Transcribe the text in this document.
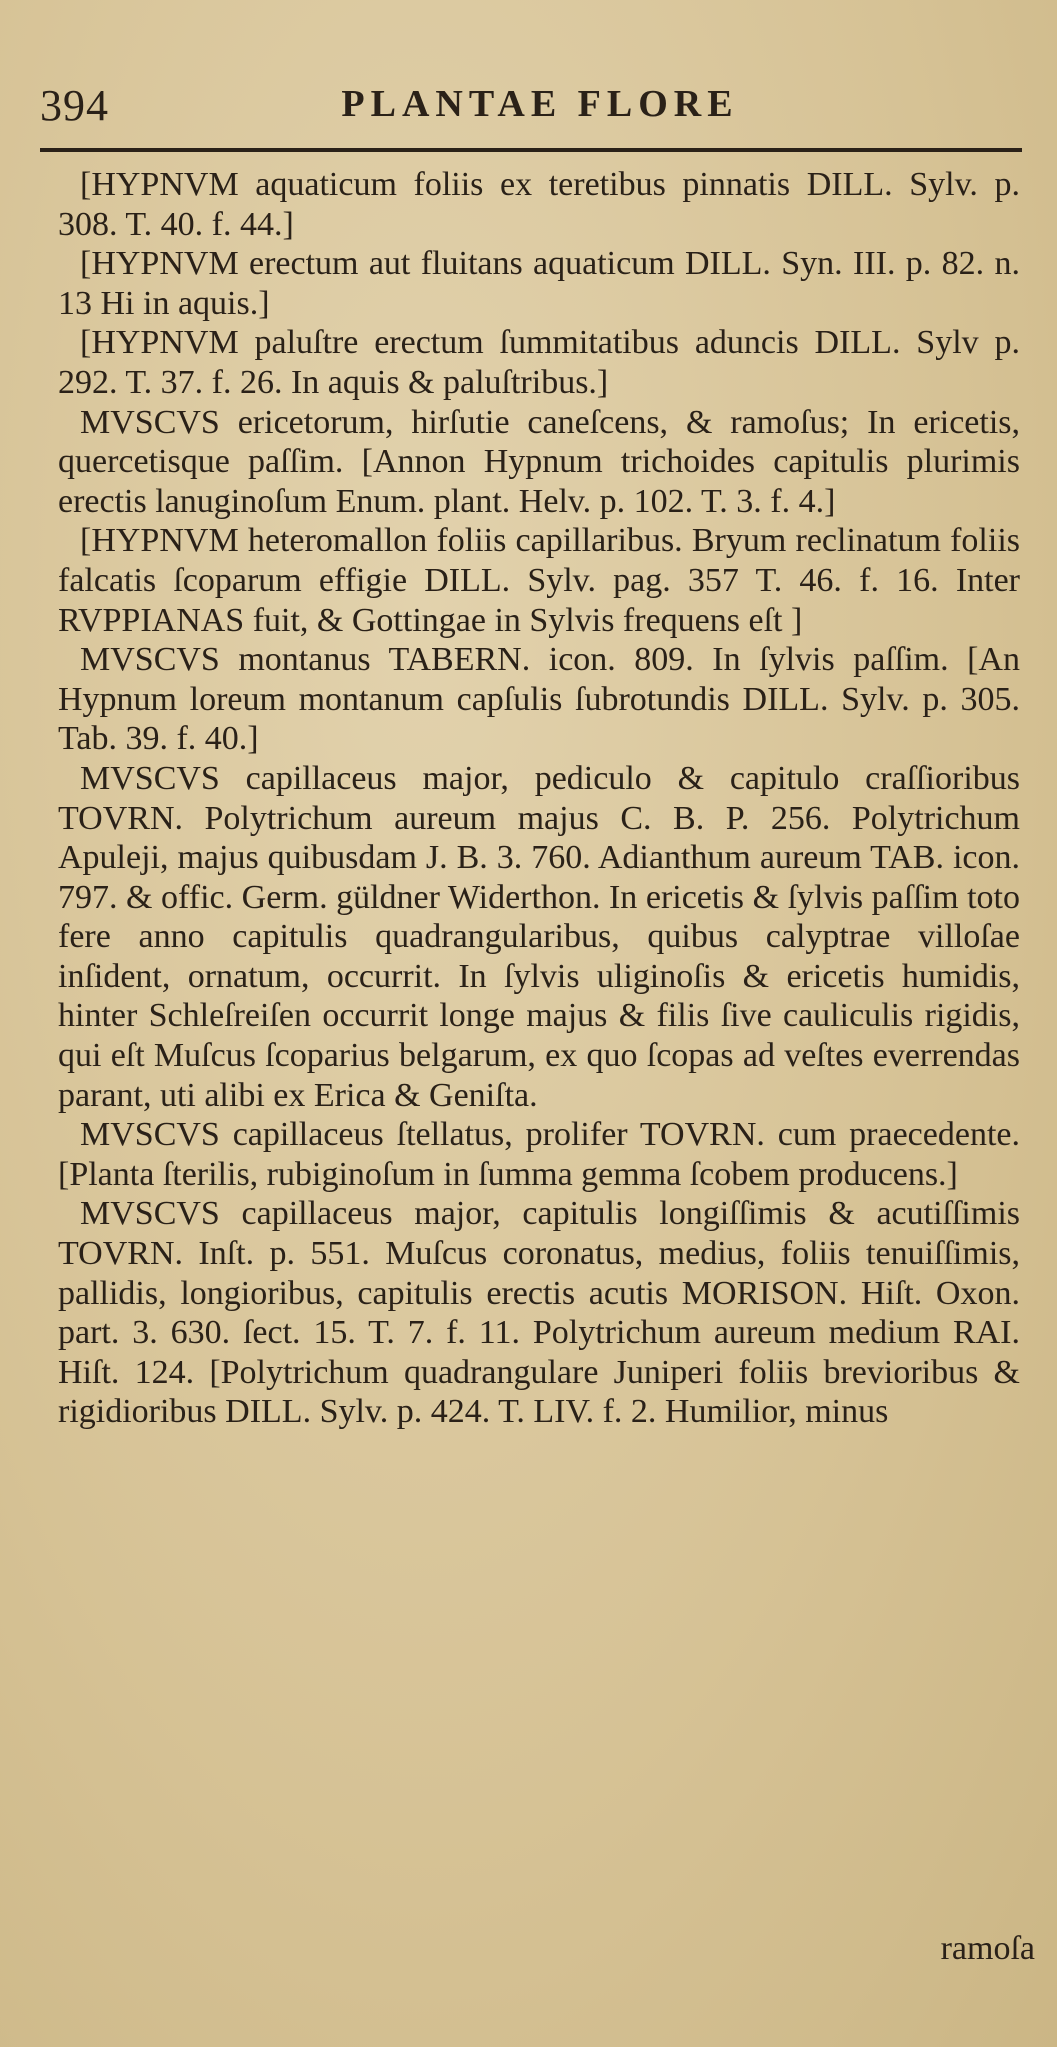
394	PLANTAE FLORE

[HYPNVM aquaticum foliis ex teretibus pinnatis DILL. Sylv. p. 308. T. 40. f. 44.]

[HYPNVM erectum aut fluitans aquaticum DILL. Syn. III. p. 82. n. 13 Hi in aquis.]

[HYPNVM paluſtre erectum ſummitatibus aduncis DILL. Sylv p. 292. T. 37. f. 26. In aquis & paluſtribus.]

MVSCVS ericetorum, hirſutie caneſcens, & ramoſus; In ericetis, quercetisque paſſim. [Annon Hypnum trichoides capitulis plurimis erectis lanuginoſum Enum. plant. Helv. p. 102. T. 3. f. 4.]

[HYPNVM heteromallon foliis capillaribus. Bryum reclinatum foliis falcatis ſcoparum effigie DILL. Sylv. pag. 357 T. 46. f. 16. Inter RVPPIANAS fuit, & Gottingae in Sylvis frequens eſt ]

MVSCVS montanus TABERN. icon. 809. In ſylvis paſſim. [An Hypnum loreum montanum capſulis ſubrotundis DILL. Sylv. p. 305. Tab. 39. f. 40.]

MVSCVS capillaceus major, pediculo & capitulo craſſioribus TOVRN. Polytrichum aureum majus C. B. P. 256. Polytrichum Apuleji, majus quibusdam J. B. 3. 760. Adianthum aureum TAB. icon. 797. & offic. Germ. güldner Widerthon. In ericetis & ſylvis paſſim toto fere anno capitulis quadrangularibus, quibus calyptrae villoſae inſident, ornatum, occurrit. In ſylvis uliginoſis & ericetis humidis, hinter Schleſreiſen occurrit longe majus & filis ſive cauliculis rigidis, qui eſt Muſcus ſcoparius belgarum, ex quo ſcopas ad veſtes everrendas parant, uti alibi ex Erica & Geniſta.

MVSCVS capillaceus ſtellatus, prolifer TOVRN. cum praecedente. [Planta ſterilis, rubiginoſum in ſumma gemma ſcobem producens.]

MVSCVS capillaceus major, capitulis longiſſimis & acutiſſimis TOVRN. Inſt. p. 551. Muſcus coronatus, medius, foliis tenuiſſimis, pallidis, longioribus, capitulis erectis acutis MORISON. Hiſt. Oxon. part. 3. 630. ſect. 15. T. 7. f. 11. Polytrichum aureum medium RAI. Hiſt. 124. [Polytrichum quadrangulare Juniperi foliis brevioribus & rigidioribus DILL. Sylv. p. 424. T. LIV. f. 2. Humilior, minus

ramoſa
